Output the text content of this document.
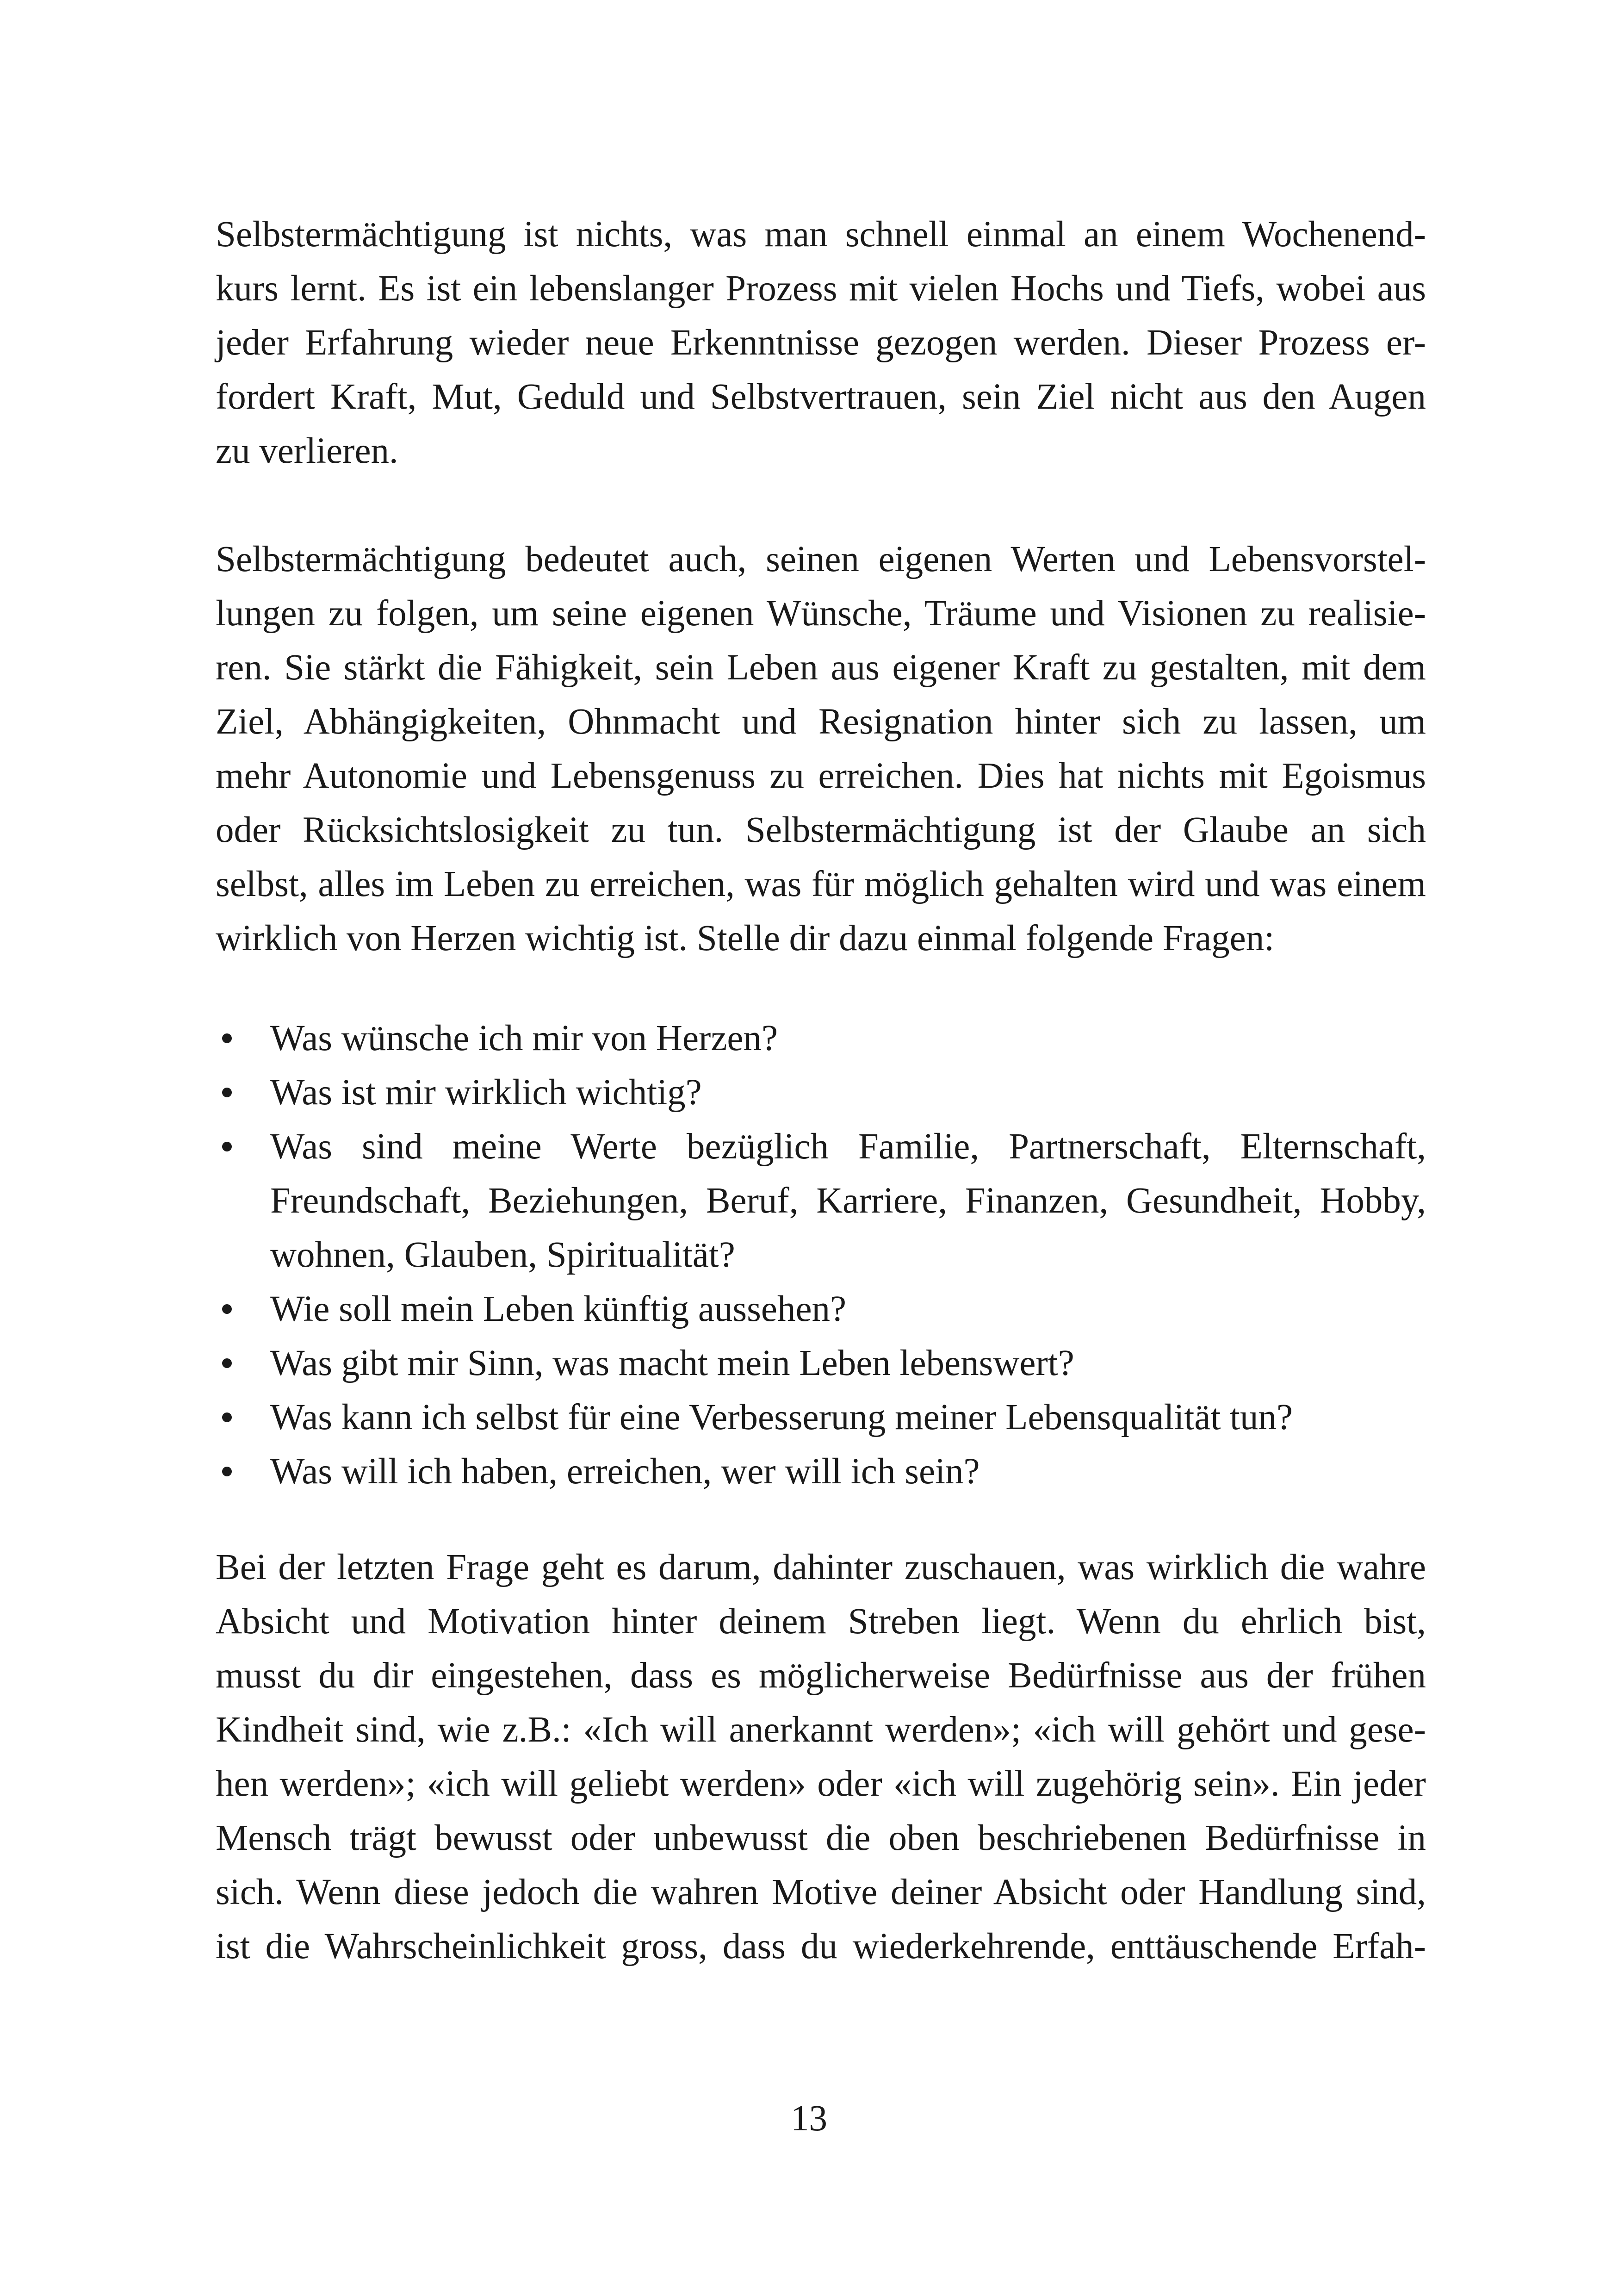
Selbstermächtigung ist nichts, was man schnell einmal an einem Wochenend-
kurs lernt. Es ist ein lebenslanger Prozess mit vielen Hochs und Tiefs, wobei aus
jeder Erfahrung wieder neue Erkenntnisse gezogen werden. Dieser Prozess er-
fordert Kraft, Mut, Geduld und Selbstvertrauen, sein Ziel nicht aus den Augen
zu verlieren.
Selbstermächtigung bedeutet auch, seinen eigenen Werten und Lebensvorstel-
lungen zu folgen, um seine eigenen Wünsche, Träume und Visionen zu realisie-
ren. Sie stärkt die Fähigkeit, sein Leben aus eigener Kraft zu gestalten, mit dem
Ziel, Abhängigkeiten, Ohnmacht und Resignation hinter sich zu lassen, um
mehr Autonomie und Lebensgenuss zu erreichen. Dies hat nichts mit Egoismus
oder Rücksichtslosigkeit zu tun. Selbstermächtigung ist der Glaube an sich
selbst, alles im Leben zu erreichen, was für möglich gehalten wird und was einem
wirklich von Herzen wichtig ist. Stelle dir dazu einmal folgende Fragen:
Was wünsche ich mir von Herzen?
Was ist mir wirklich wichtig?
Was sind meine Werte bezüglich Familie, Partnerschaft, Elternschaft,
Freundschaft, Beziehungen, Beruf, Karriere, Finanzen, Gesundheit, Hobby,
wohnen, Glauben, Spiritualität?
Wie soll mein Leben künftig aussehen?
Was gibt mir Sinn, was macht mein Leben lebenswert?
Was kann ich selbst für eine Verbesserung meiner Lebensqualität tun?
Was will ich haben, erreichen, wer will ich sein?
Bei der letzten Frage geht es darum, dahinter zuschauen, was wirklich die wahre
Absicht und Motivation hinter deinem Streben liegt. Wenn du ehrlich bist,
musst du dir eingestehen, dass es möglicherweise Bedürfnisse aus der frühen
Kindheit sind, wie z.B.: «Ich will anerkannt werden»; «ich will gehört und gese-
hen werden»; «ich will geliebt werden» oder «ich will zugehörig sein». Ein jeder
Mensch trägt bewusst oder unbewusst die oben beschriebenen Bedürfnisse in
sich. Wenn diese jedoch die wahren Motive deiner Absicht oder Handlung sind,
ist die Wahrscheinlichkeit gross, dass du wiederkehrende, enttäuschende Erfah-
13
